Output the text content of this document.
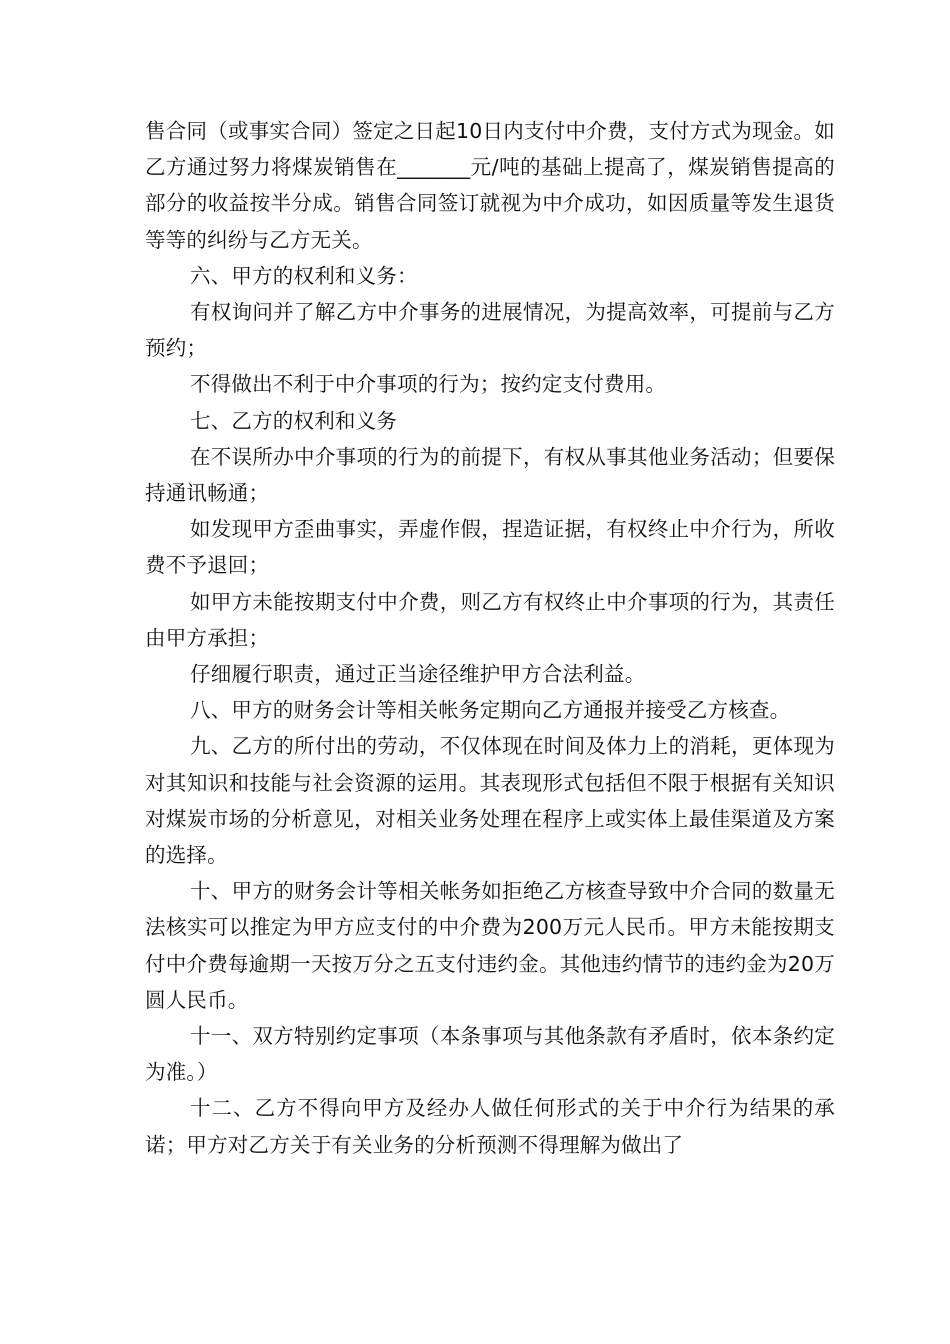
售合同（或事实合同）签定之日起10日内支付中介费，支付方式为现金。如乙方通过努力将煤炭销售在_______元/吨的基础上提高了，煤炭销售提高的部分的收益按半分成。销售合同签订就视为中介成功，如因质量等发生退货等等的纠纷与乙方无关。

六、甲方的权利和义务：

有权询问并了解乙方中介事务的进展情况，为提高效率，可提前与乙方预约；

不得做出不利于中介事项的行为；按约定支付费用。

七、乙方的权利和义务

在不误所办中介事项的行为的前提下，有权从事其他业务活动；但要保持通讯畅通；

如发现甲方歪曲事实，弄虚作假，捏造证据，有权终止中介行为，所收费不予退回；

如甲方未能按期支付中介费，则乙方有权终止中介事项的行为，其责任由甲方承担；

仔细履行职责，通过正当途径维护甲方合法利益。

八、甲方的财务会计等相关帐务定期向乙方通报并接受乙方核查。

九、乙方的所付出的劳动，不仅体现在时间及体力上的消耗，更体现为对其知识和技能与社会资源的运用。其表现形式包括但不限于根据有关知识对煤炭市场的分析意见，对相关业务处理在程序上或实体上最佳渠道及方案的选择。

十、甲方的财务会计等相关帐务如拒绝乙方核查导致中介合同的数量无法核实可以推定为甲方应支付的中介费为200万元人民币。甲方未能按期支付中介费每逾期一天按万分之五支付违约金。其他违约情节的违约金为20万圆人民币。

十一、双方特别约定事项（本条事项与其他条款有矛盾时，依本条约定为准。）

十二、乙方不得向甲方及经办人做任何形式的关于中介行为结果的承诺；甲方对乙方关于有关业务的分析预测不得理解为做出了
